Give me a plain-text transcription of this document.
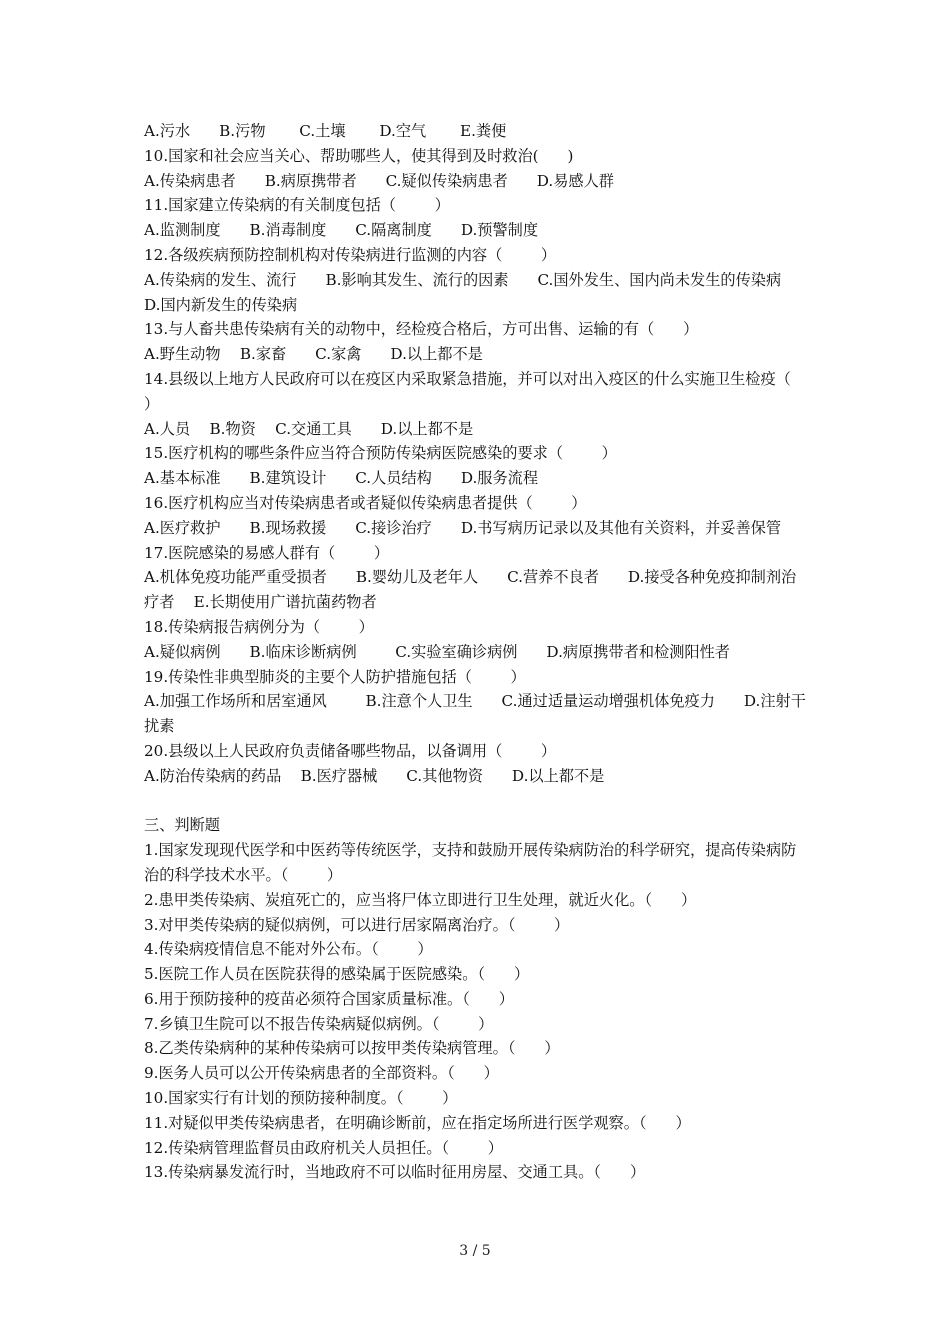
A.污水      B.污物       C.土壤       D.空气       E.粪便
10.国家和社会应当关心、帮助哪些人，使其得到及时救治(      )
A.传染病患者      B.病原携带者      C.疑似传染病患者      D.易感人群
11.国家建立传染病的有关制度包括（        ）
A.监测制度      B.消毒制度      C.隔离制度      D.预警制度
12.各级疾病预防控制机构对传染病进行监测的内容（        ）
A.传染病的发生、流行      B.影响其发生、流行的因素      C.国外发生、国内尚未发生的传染病    D.国内新发生的传染病
13.与人畜共患传染病有关的动物中，经检疫合格后，方可出售、运输的有（      ）
A.野生动物    B.家畜      C.家禽      D.以上都不是
14.县级以上地方人民政府可以在疫区内采取紧急措施，并可以对出入疫区的什么实施卫生检疫（      ）
A.人员    B.物资    C.交通工具      D.以上都不是
15.医疗机构的哪些条件应当符合预防传染病医院感染的要求（        ）
A.基本标准      B.建筑设计      C.人员结构      D.服务流程
16.医疗机构应当对传染病患者或者疑似传染病患者提供（        ）
A.医疗救护      B.现场救援      C.接诊治疗      D.书写病历记录以及其他有关资料，并妥善保管
17.医院感染的易感人群有（        ）
A.机体免疫功能严重受损者      B.婴幼儿及老年人      C.营养不良者      D.接受各种免疫抑制剂治疗者    E.长期使用广谱抗菌药物者
18.传染病报告病例分为（        ）
A.疑似病例      B.临床诊断病例        C.实验室确诊病例      D.病原携带者和检测阳性者
19.传染性非典型肺炎的主要个人防护措施包括（        ）
A.加强工作场所和居室通风        B.注意个人卫生      C.通过适量运动增强机体免疫力      D.注射干扰素
20.县级以上人民政府负责储备哪些物品，以备调用（        ）
A.防治传染病的药品    B.医疗器械      C.其他物资      D.以上都不是
三、判断题
1.国家发现现代医学和中医药等传统医学，支持和鼓励开展传染病防治的科学研究，提高传染病防治的科学技术水平。（        ）
2.患甲类传染病、炭疽死亡的，应当将尸体立即进行卫生处理，就近火化。（      ）
3.对甲类传染病的疑似病例，可以进行居家隔离治疗。（        ）
4.传染病疫情信息不能对外公布。（        ）
5.医院工作人员在医院获得的感染属于医院感染。（      ）
6.用于预防接种的疫苗必须符合国家质量标准。（      ）
7.乡镇卫生院可以不报告传染病疑似病例。（        ）
8.乙类传染病种的某种传染病可以按甲类传染病管理。（      ）
9.医务人员可以公开传染病患者的全部资料。（      ）
10.国家实行有计划的预防接种制度。（        ）
11.对疑似甲类传染病患者，在明确诊断前，应在指定场所进行医学观察。（      ）
12.传染病管理监督员由政府机关人员担任。（        ）
13.传染病暴发流行时，当地政府不可以临时征用房屋、交通工具。（      ）
3 / 5
